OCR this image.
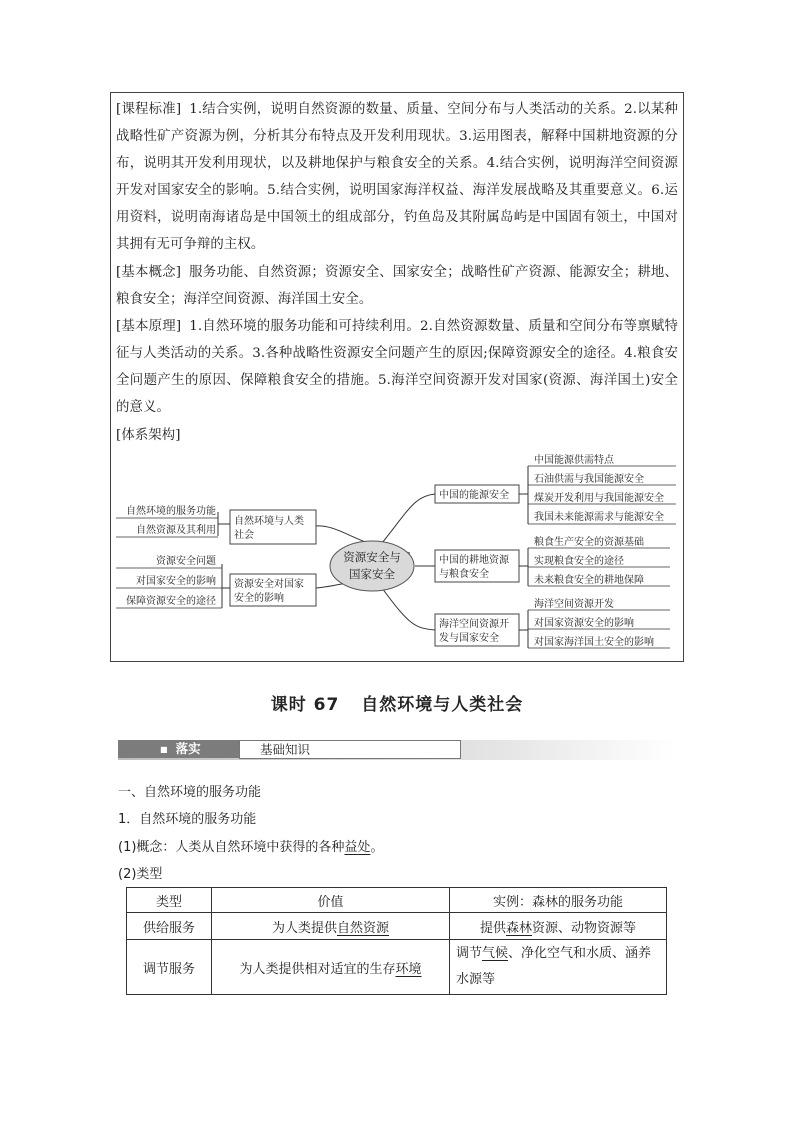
[课程标准] 1.结合实例，说明自然资源的数量、质量、空间分布与人类活动的关系。2.以某种战略性矿产资源为例，分析其分布特点及开发利用现状。3.运用图表，解释中国耕地资源的分布，说明其开发利用现状，以及耕地保护与粮食安全的关系。4.结合实例，说明海洋空间资源开发对国家安全的影响。5.结合实例，说明国家海洋权益、海洋发展战略及其重要意义。6.运用资料，说明南海诸岛是中国领土的组成部分，钓鱼岛及其附属岛屿是中国固有领土，中国对其拥有无可争辩的主权。
[基本概念] 服务功能、自然资源；资源安全、国家安全；战略性矿产资源、能源安全；耕地、粮食安全；海洋空间资源、海洋国土安全。
[基本原理] 1.自然环境的服务功能和可持续利用。2.自然资源数量、质量和空间分布等禀赋特征与人类活动的关系。3.各种战略性资源安全问题产生的原因;保障资源安全的途径。4.粮食安全问题产生的原因、保障粮食安全的措施。5.海洋空间资源开发对国家(资源、海洋国土)安全的意义。
[体系架构]
资源安全与
国家安全
自然环境与人类
社会
自然环境的服务功能
自然资源及其利用
资源安全对国家
安全的影响
资源安全问题
对国家安全的影响
保障资源安全的途径
中国的能源安全
中国能源供需特点
石油供需与我国能源安全
煤炭开发利用与我国能源安全
我国未来能源需求与能源安全
中国的耕地资源
与粮食安全
粮食生产安全的资源基础
实现粮食安全的途径
未来粮食安全的耕地保障
海洋空间资源开
发与国家安全
海洋空间资源开发
对国家资源安全的影响
对国家海洋国土安全的影响
课时 67 自然环境与人类社会
■ 落实	基础知识
一、自然环境的服务功能
1．自然环境的服务功能
(1)概念：人类从自然环境中获得的各种益处。
(2)类型
类型	价值	实例：森林的服务功能
供给服务	为人类提供自然资源	提供森林资源、动物资源等
调节服务	为人类提供相对适宜的生存环境	调节气候、净化空气和水质、涵养水源等
